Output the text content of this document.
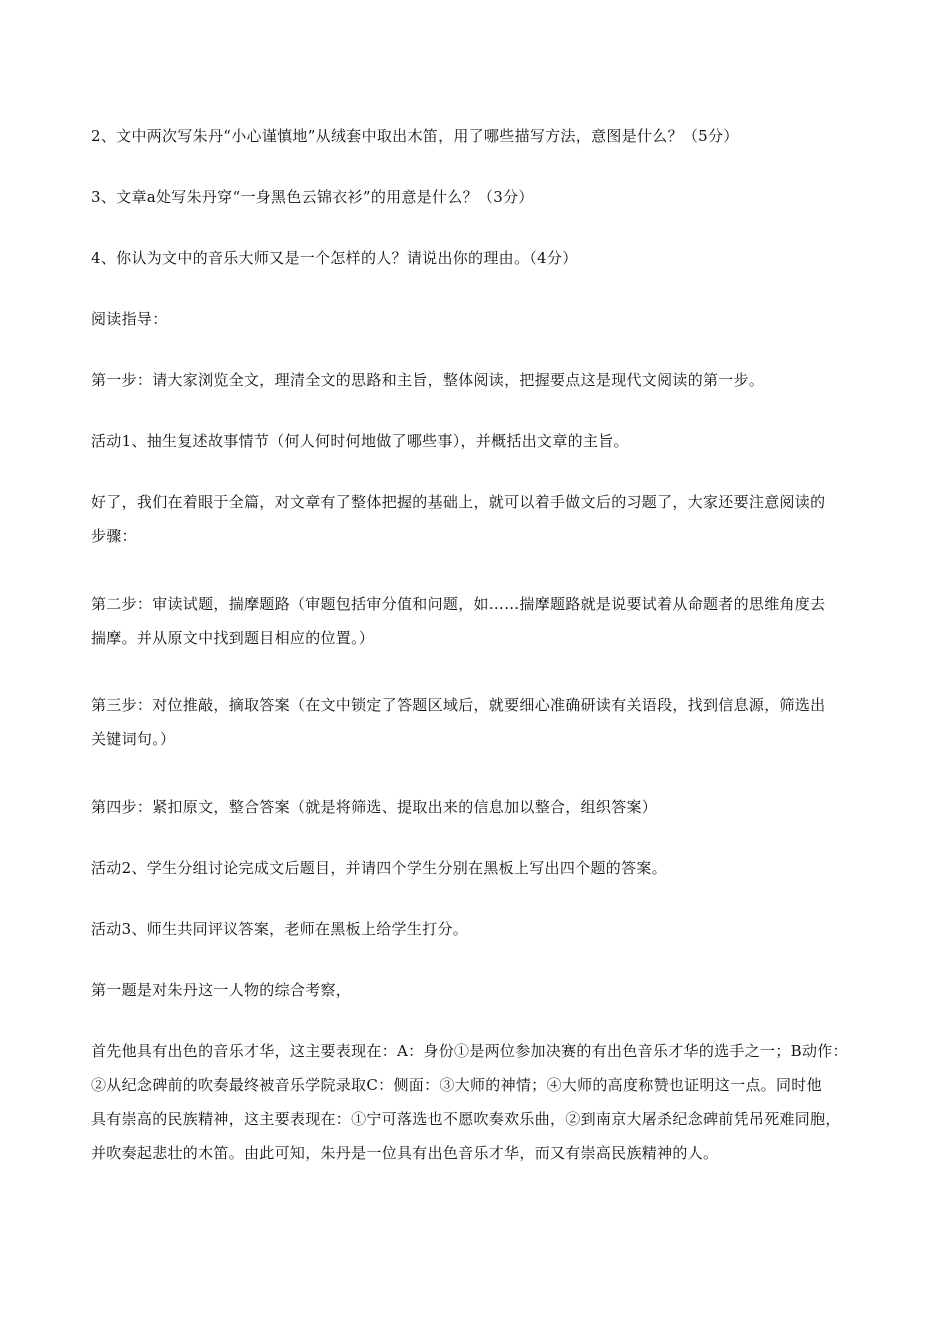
2、文中两次写朱丹“小心谨慎地”从绒套中取出木笛，用了哪些描写方法，意图是什么？（5分）

3、文章a处写朱丹穿“一身黑色云锦衣衫”的用意是什么？（3分）

4、你认为文中的音乐大师又是一个怎样的人？请说出你的理由。（4分）

阅读指导：

第一步：请大家浏览全文，理清全文的思路和主旨，整体阅读，把握要点这是现代文阅读的第一步。

活动1、抽生复述故事情节（何人何时何地做了哪些事），并概括出文章的主旨。

好了，我们在着眼于全篇，对文章有了整体把握的基础上，就可以着手做文后的习题了，大家还要注意阅读的
步骤：

第二步：审读试题，揣摩题路（审题包括审分值和问题，如……揣摩题路就是说要试着从命题者的思维角度去
揣摩。并从原文中找到题目相应的位置。）

第三步：对位推敲，摘取答案（在文中锁定了答题区域后，就要细心准确研读有关语段，找到信息源，筛选出
关键词句。）

第四步：紧扣原文，整合答案（就是将筛选、提取出来的信息加以整合，组织答案）

活动2、学生分组讨论完成文后题目，并请四个学生分别在黑板上写出四个题的答案。

活动3、师生共同评议答案，老师在黑板上给学生打分。

第一题是对朱丹这一人物的综合考察，

首先他具有出色的音乐才华，这主要表现在：A：身份①是两位参加决赛的有出色音乐才华的选手之一；B动作：
②从纪念碑前的吹奏最终被音乐学院录取C：侧面：③大师的神情；④大师的高度称赞也证明这一点。同时他
具有崇高的民族精神，这主要表现在：①宁可落选也不愿吹奏欢乐曲，②到南京大屠杀纪念碑前凭吊死难同胞，
并吹奏起悲壮的木笛。由此可知，朱丹是一位具有出色音乐才华，而又有崇高民族精神的人。
